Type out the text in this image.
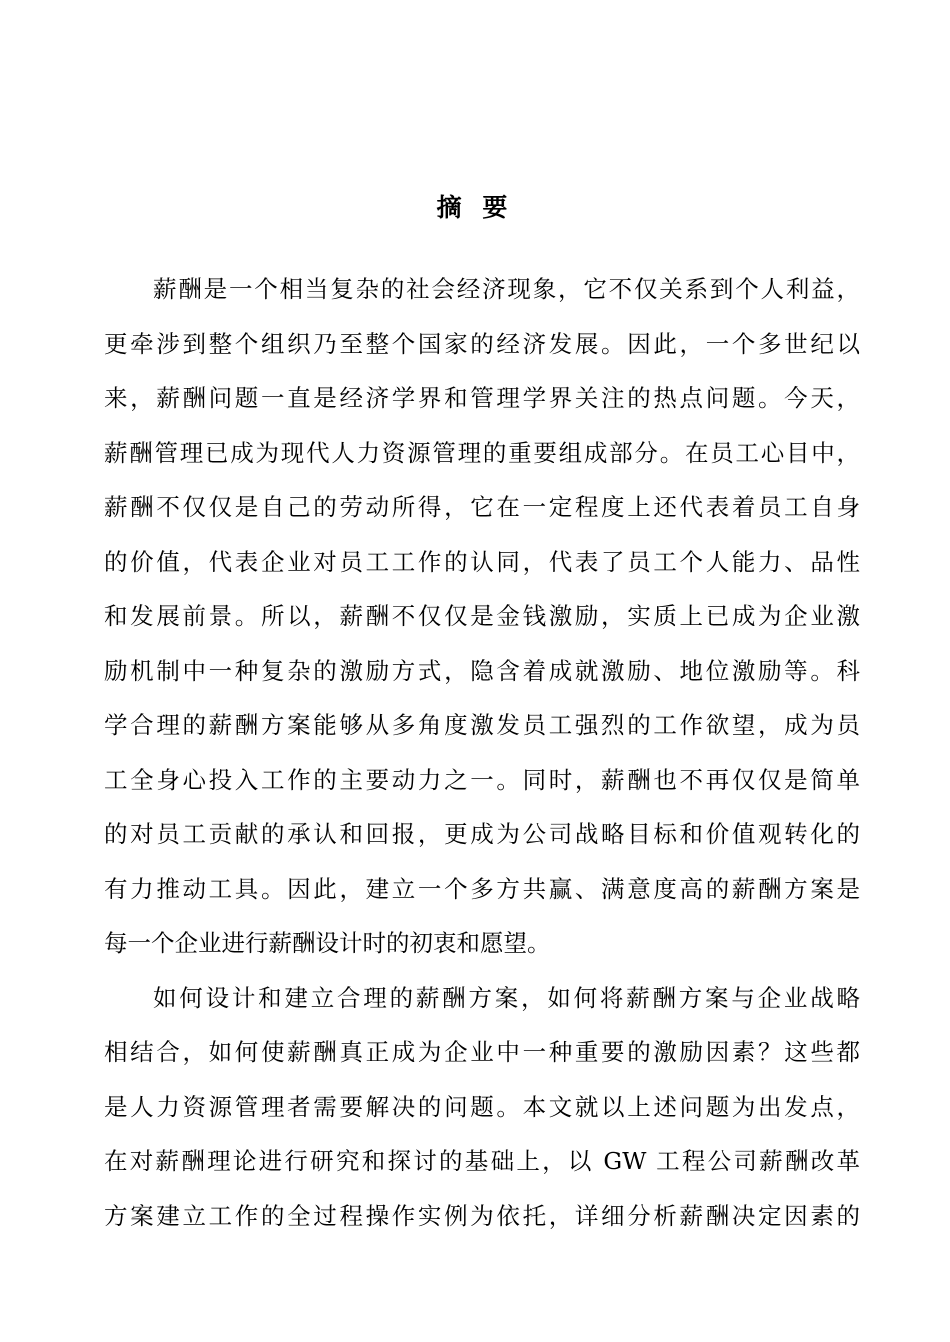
摘 要
薪酬是一个相当复杂的社会经济现象，它不仅关系到个人利益，
更牵涉到整个组织乃至整个国家的经济发展。因此，一个多世纪以
来，薪酬问题一直是经济学界和管理学界关注的热点问题。今天，
薪酬管理已成为现代人力资源管理的重要组成部分。在员工心目中，
薪酬不仅仅是自己的劳动所得，它在一定程度上还代表着员工自身
的价值，代表企业对员工工作的认同，代表了员工个人能力、品性
和发展前景。所以，薪酬不仅仅是金钱激励，实质上已成为企业激
励机制中一种复杂的激励方式，隐含着成就激励、地位激励等。科
学合理的薪酬方案能够从多角度激发员工强烈的工作欲望，成为员
工全身心投入工作的主要动力之一。同时，薪酬也不再仅仅是简单
的对员工贡献的承认和回报，更成为公司战略目标和价值观转化的
有力推动工具。因此，建立一个多方共赢、满意度高的薪酬方案是
每一个企业进行薪酬设计时的初衷和愿望。
如何设计和建立合理的薪酬方案，如何将薪酬方案与企业战略
相结合，如何使薪酬真正成为企业中一种重要的激励因素？这些都
是人力资源管理者需要解决的问题。本文就以上述问题为出发点，
在对薪酬理论进行研究和探讨的基础上，以 GW 工程公司薪酬改革
方案建立工作的全过程操作实例为依托，详细分析薪酬决定因素的
